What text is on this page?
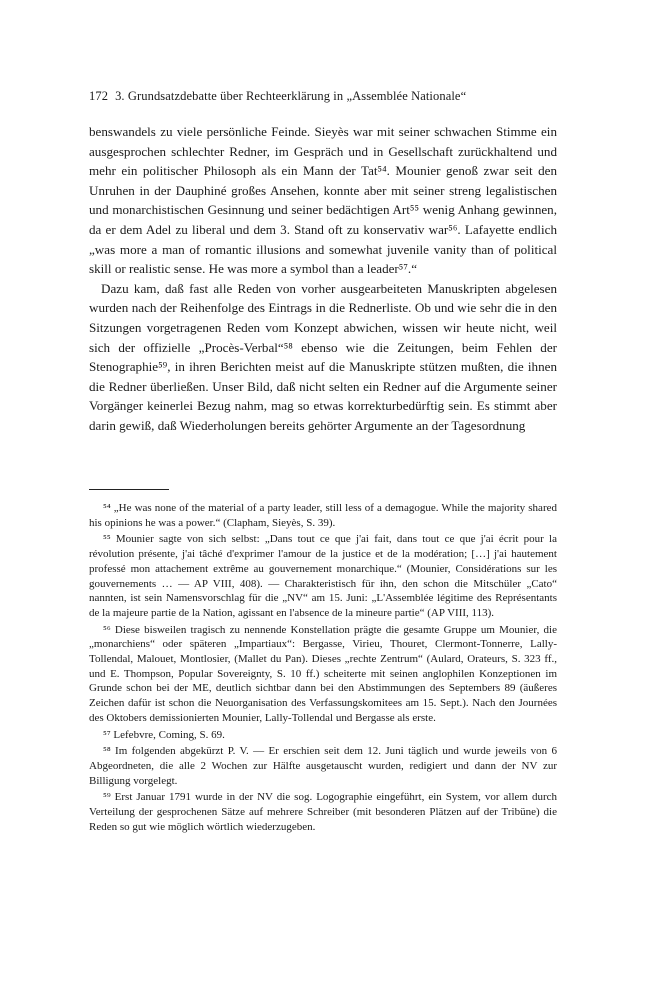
172 3. Grundsatzdebatte über Rechteerklärung in „Assemblée Nationale“

benswandels zu viele persönliche Feinde. Sieyès war mit seiner schwachen Stimme ein ausgesprochen schlechter Redner, im Gespräch und in Gesellschaft zurückhaltend und mehr ein politischer Philosoph als ein Mann der Tat⁵⁴. Mounier genoß zwar seit den Unruhen in der Dauphiné großes Ansehen, konnte aber mit seiner streng legalistischen und monarchistischen Gesinnung und seiner bedächtigen Art⁵⁵ wenig Anhang gewinnen, da er dem Adel zu liberal und dem 3. Stand oft zu konservativ war⁵⁶. Lafayette endlich „was more a man of romantic illusions and somewhat juvenile vanity than of political skill or realistic sense. He was more a symbol than a leader⁵⁷.“

Dazu kam, daß fast alle Reden von vorher ausgearbeiteten Manuskripten abgelesen wurden nach der Reihenfolge des Eintrags in die Rednerliste. Ob und wie sehr die in den Sitzungen vorgetragenen Reden vom Konzept abwichen, wissen wir heute nicht, weil sich der offizielle „Procès-Verbal“⁵⁸ ebenso wie die Zeitungen, beim Fehlen der Stenographie⁵⁹, in ihren Berichten meist auf die Manuskripte stützen mußten, die ihnen die Redner überließen. Unser Bild, daß nicht selten ein Redner auf die Argumente seiner Vorgänger keinerlei Bezug nahm, mag so etwas korrekturbedürftig sein. Es stimmt aber darin gewiß, daß Wiederholungen bereits gehörter Argumente an der Tagesordnung

⁵⁴ „He was none of the material of a party leader, still less of a demagogue. While the majority shared his opinions he was a power.“ (Clapham, Sieyès, S. 39).

⁵⁵ Mounier sagte von sich selbst: „Dans tout ce que j'ai fait, dans tout ce que j'ai écrit pour la révolution présente, j'ai tâché d'exprimer l'amour de la justice et de la modération; […] j'ai hautement professé mon attachement extrême au gouvernement monarchique.“ (Mounier, Considérations sur les gouvernements … — AP VIII, 408). — Charakteristisch für ihn, den schon die Mitschüler „Cato“ nannten, ist sein Namensvorschlag für die „NV“ am 15. Juni: „L'Assemblée légitime des Représentants de la majeure partie de la Nation, agissant en l'absence de la mineure partie“ (AP VIII, 113).

⁵⁶ Diese bisweilen tragisch zu nennende Konstellation prägte die gesamte Gruppe um Mounier, die „monarchiens“ oder späteren „Impartiaux“: Bergasse, Virieu, Thouret, Clermont-Tonnerre, Lally-Tollendal, Malouet, Montlosier, (Mallet du Pan). Dieses „rechte Zentrum“ (Aulard, Orateurs, S. 323 ff., und E. Thompson, Popular Sovereignty, S. 10 ff.) scheiterte mit seinen anglophilen Konzeptionen im Grunde schon bei der ME, deutlich sichtbar dann bei den Abstimmungen des Septembers 89 (äußeres Zeichen dafür ist schon die Neuorganisation des Verfassungskomitees am 15. Sept.). Nach den Journées des Oktobers demissionierten Mounier, Lally-Tollendal und Bergasse als erste.

⁵⁷ Lefebvre, Coming, S. 69.

⁵⁸ Im folgenden abgekürzt P. V. — Er erschien seit dem 12. Juni täglich und wurde jeweils von 6 Abgeordneten, die alle 2 Wochen zur Hälfte ausgetauscht wurden, redigiert und dann der NV zur Billigung vorgelegt.

⁵⁹ Erst Januar 1791 wurde in der NV die sog. Logographie eingeführt, ein System, vor allem durch Verteilung der gesprochenen Sätze auf mehrere Schreiber (mit besonderen Plätzen auf der Tribüne) die Reden so gut wie möglich wörtlich wiederzugeben.
